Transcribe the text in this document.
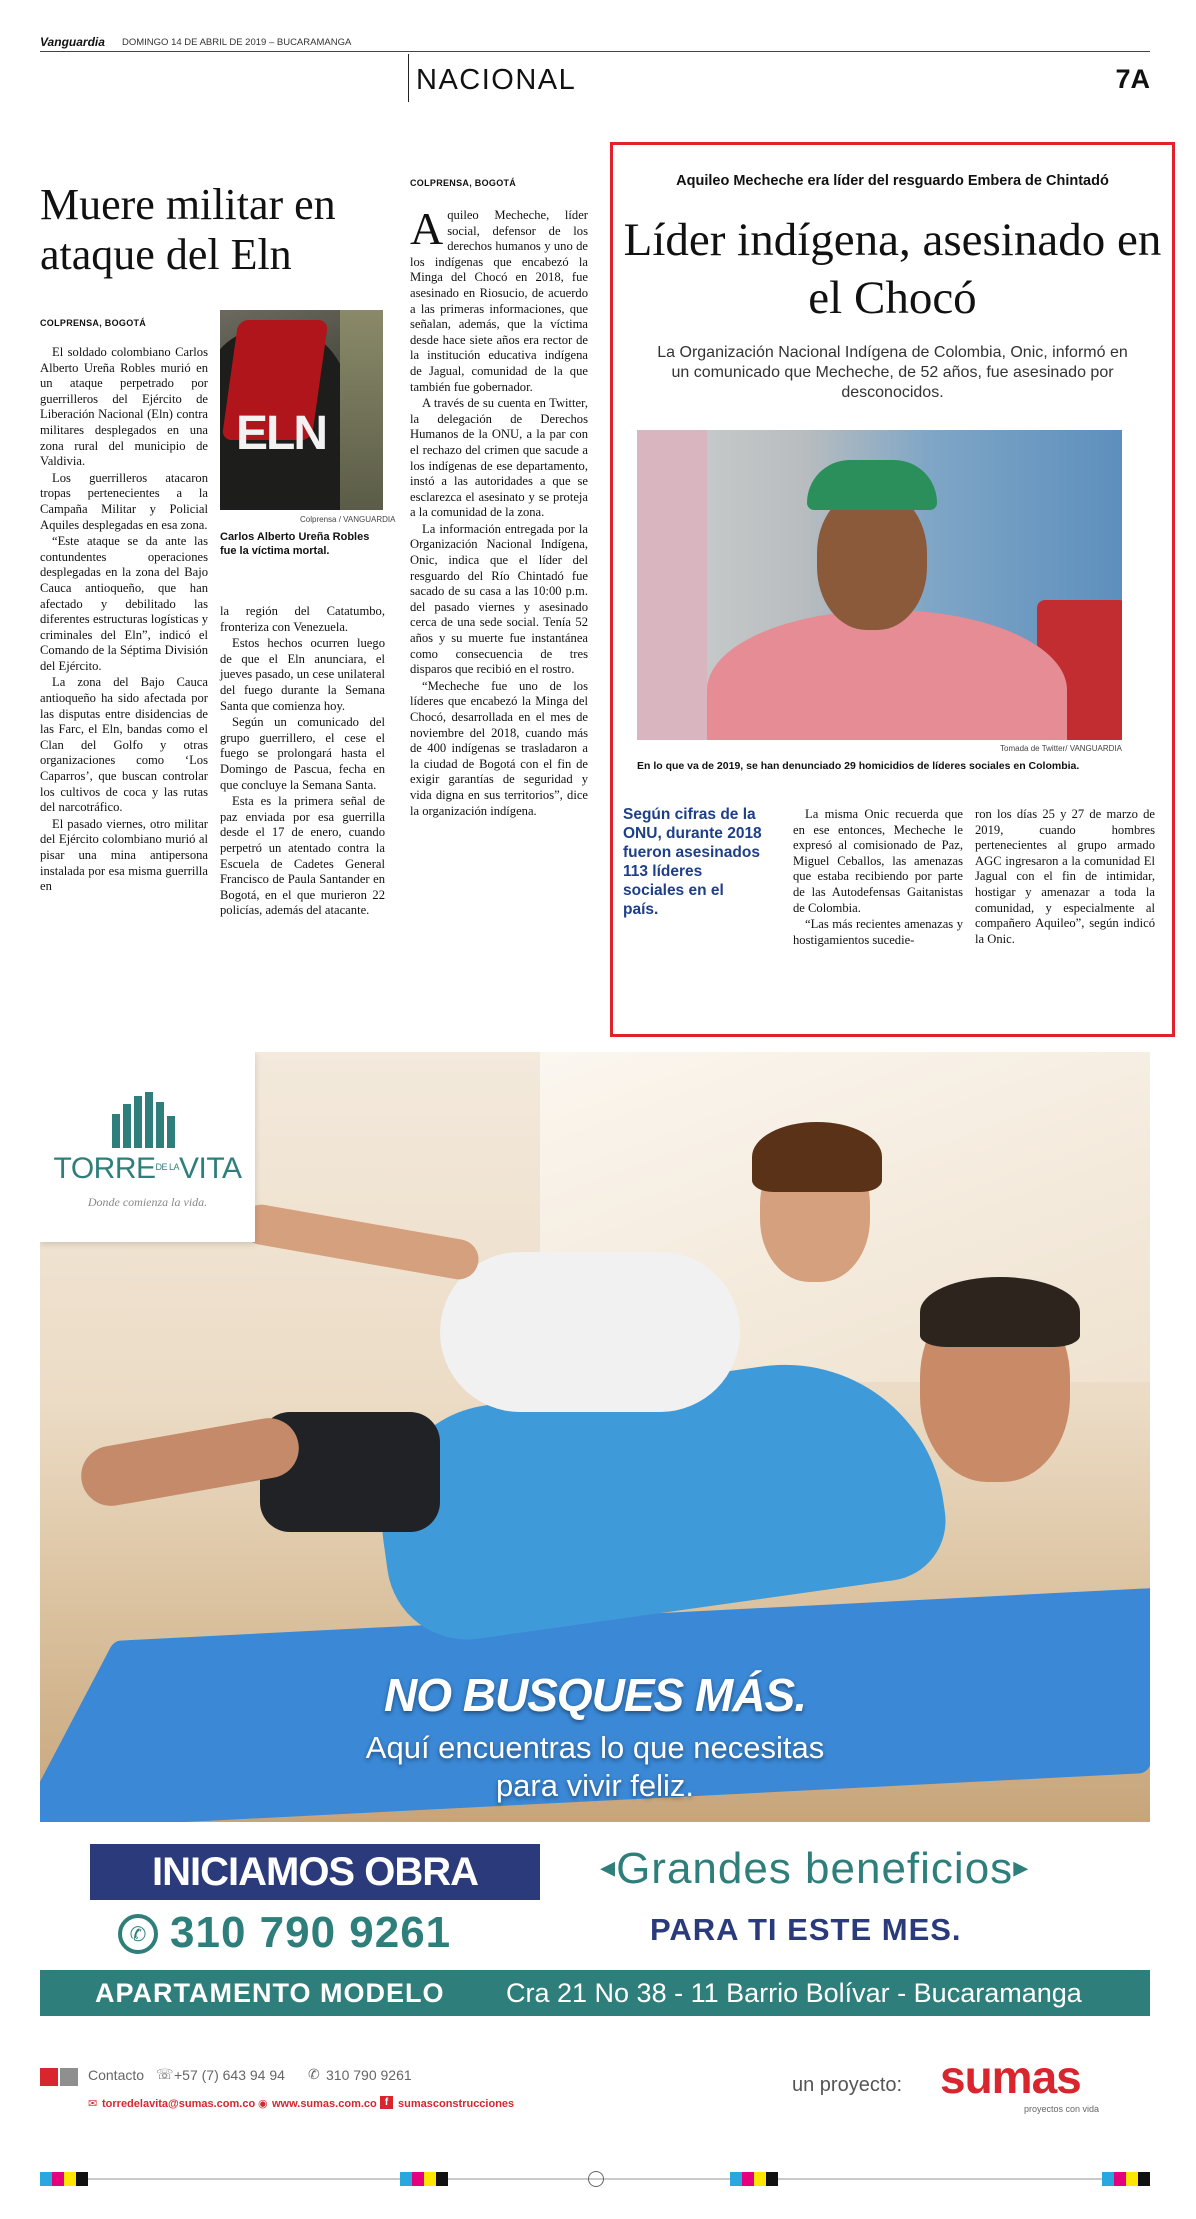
Vanguardia DOMINGO 14 DE ABRIL DE 2019 – BUCARAMANGA
NACIONAL	7A
Muere militar en ataque del Eln
COLPRENSA, BOGOTÁ

El soldado colombiano Carlos Alberto Ureña Robles murió en un ataque perpetrado por guerrilleros del Ejército de Liberación Nacional (Eln) contra militares desplegados en una zona rural del municipio de Valdivia.

Los guerrilleros atacaron tropas pertenecientes a la Campaña Militar y Policial Aquiles desplegadas en esa zona.

“Este ataque se da ante las contundentes operaciones desplegadas en la zona del Bajo Cauca antioqueño, que han afectado y debilitado las diferentes estructuras logísticas y criminales del Eln”, indicó el Comando de la Séptima División del Ejército.

La zona del Bajo Cauca antioqueño ha sido afectada por las disputas entre disidencias de las Farc, el Eln, bandas como el Clan del Golfo y otras organizaciones como ‘Los Caparros’, que buscan controlar los cultivos de coca y las rutas del narcotráfico.

El pasado viernes, otro militar del Ejército colombiano murió al pisar una mina antipersona instalada por esa misma guerrilla en

ELN
Colprensa / VANGUARDIA
Carlos Alberto Ureña Robles fue la víctima mortal.

la región del Catatumbo, fronteriza con Venezuela.

Estos hechos ocurren luego de que el Eln anunciara, el jueves pasado, un cese unilateral del fuego durante la Semana Santa que comienza hoy.

Según un comunicado del grupo guerrillero, el cese el fuego se prolongará hasta el Domingo de Pascua, fecha en que concluye la Semana Santa.

Esta es la primera señal de paz enviada por esa guerrilla desde el 17 de enero, cuando perpetró un atentado contra la Escuela de Cadetes General Francisco de Paula Santander en Bogotá, en el que murieron 22 policías, además del atacante.

COLPRENSA, BOGOTÁ

A quileo Mecheche, líder social, defensor de los derechos humanos y uno de los indígenas que encabezó la Minga del Chocó en 2018, fue asesinado en Riosucio, de acuerdo a las primeras informaciones, que señalan, además, que la víctima desde hace siete años era rector de la institución educativa indígena de Jagual, comunidad de la que también fue gobernador.

A través de su cuenta en Twitter, la delegación de Derechos Humanos de la ONU, a la par con el rechazo del crimen que sacude a los indígenas de ese departamento, instó a las autoridades a que se esclarezca el asesinato y se proteja a la comunidad de la zona.

La información entregada por la Organización Nacional Indígena, Onic, indica que el líder del resguardo del Río Chintadó fue sacado de su casa a las 10:00 p.m. del pasado viernes y asesinado cerca de una sede social. Tenía 52 años y su muerte fue instantánea como consecuencia de tres disparos que recibió en el rostro.

“Mecheche fue uno de los líderes que encabezó la Minga del Chocó, desarrollada en el mes de noviembre del 2018, cuando más de 400 indígenas se trasladaron a la ciudad de Bogotá con el fin de exigir garantías de seguridad y vida digna en sus territorios”, dice la organización indígena.

Aquileo Mecheche era líder del resguardo Embera de Chintadó
Líder indígena, asesinado en el Chocó
La Organización Nacional Indígena de Colombia, Onic, informó en un comunicado que Mecheche, de 52 años, fue asesinado por desconocidos.
Tomada de Twitter/ VANGUARDIA
En lo que va de 2019, se han denunciado 29 homicidios de líderes sociales en Colombia.
Según cifras de la ONU, durante 2018 fueron asesinados 113 líderes sociales en el país.

La misma Onic recuerda que en ese entonces, Mecheche le expresó al comisionado de Paz, Miguel Ceballos, las amenazas que estaba recibiendo por parte de las Autodefensas Gaitanistas de Colombia.

“Las más recientes amenazas y hostigamientos sucedie-

ron los días 25 y 27 de marzo de 2019, cuando hombres pertenecientes al grupo armado AGC ingresaron a la comunidad El Jagual con el fin de intimidar, hostigar y amenazar a toda la comunidad, y especialmente al compañero Aquileo”, según indicó la Onic.

$TORRE^{DE LA}VITA$
Donde comienza la vida.
NO BUSQUES MÁS.
Aquí encuentras lo que necesitas
para vivir feliz.
INICIAMOS OBRA
✆ 310 790 9261
◂Grandes beneficios▸
PARA TI ESTE MES.
APARTAMENTO MODELO Cra 21 No 38 - 11 Barrio Bolívar - Bucaramanga
Contacto ☏ +57 (7) 643 94 94 ✆ 310 790 9261
✉ torredelavita@sumas.com.co ◉ www.sumas.com.co f sumasconstrucciones
un proyecto: sumas
proyectos con vida
